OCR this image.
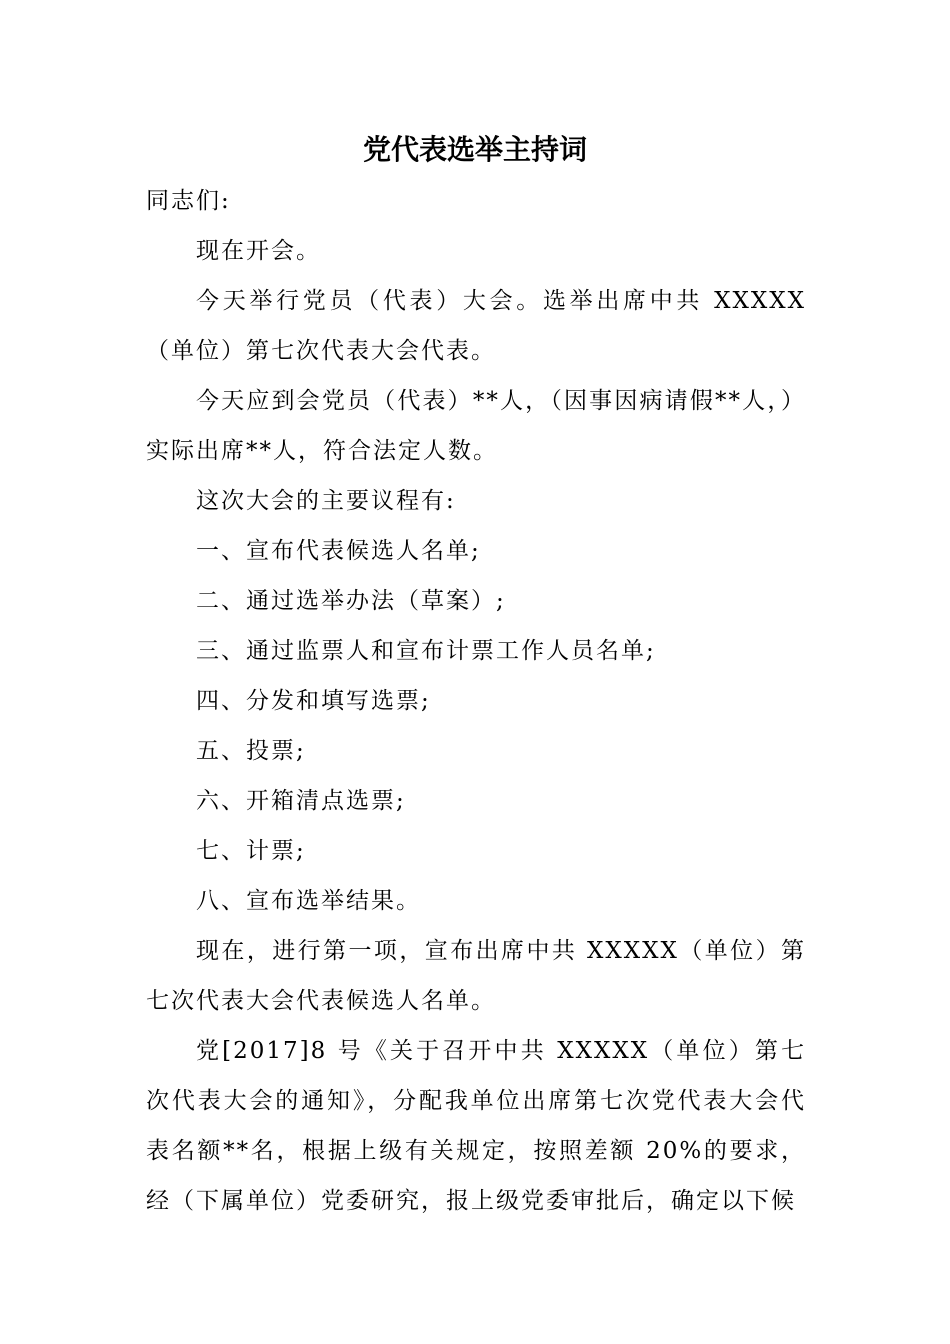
党代表选举主持词

同志们:

现在开会。

今天举行党员（代表）大会。选举出席中共 XXXXX（单位）第七次代表大会代表。

今天应到会党员（代表）**人，（因事因病请假**人，）实际出席**人，符合法定人数。

这次大会的主要议程有:

一、宣布代表候选人名单;

二、通过选举办法（草案）;

三、通过监票人和宣布计票工作人员名单;

四、分发和填写选票;

五、投票;

六、开箱清点选票;

七、计票;

八、宣布选举结果。

现在，进行第一项，宣布出席中共 XXXXX（单位）第七次代表大会代表候选人名单。

党[2017]8 号《关于召开中共 XXXXX（单位）第七次代表大会的通知》，分配我单位出席第七次党代表大会代表名额**名，根据上级有关规定，按照差额 20%的要求，经（下属单位）党委研究，报上级党委审批后，确定以下候
